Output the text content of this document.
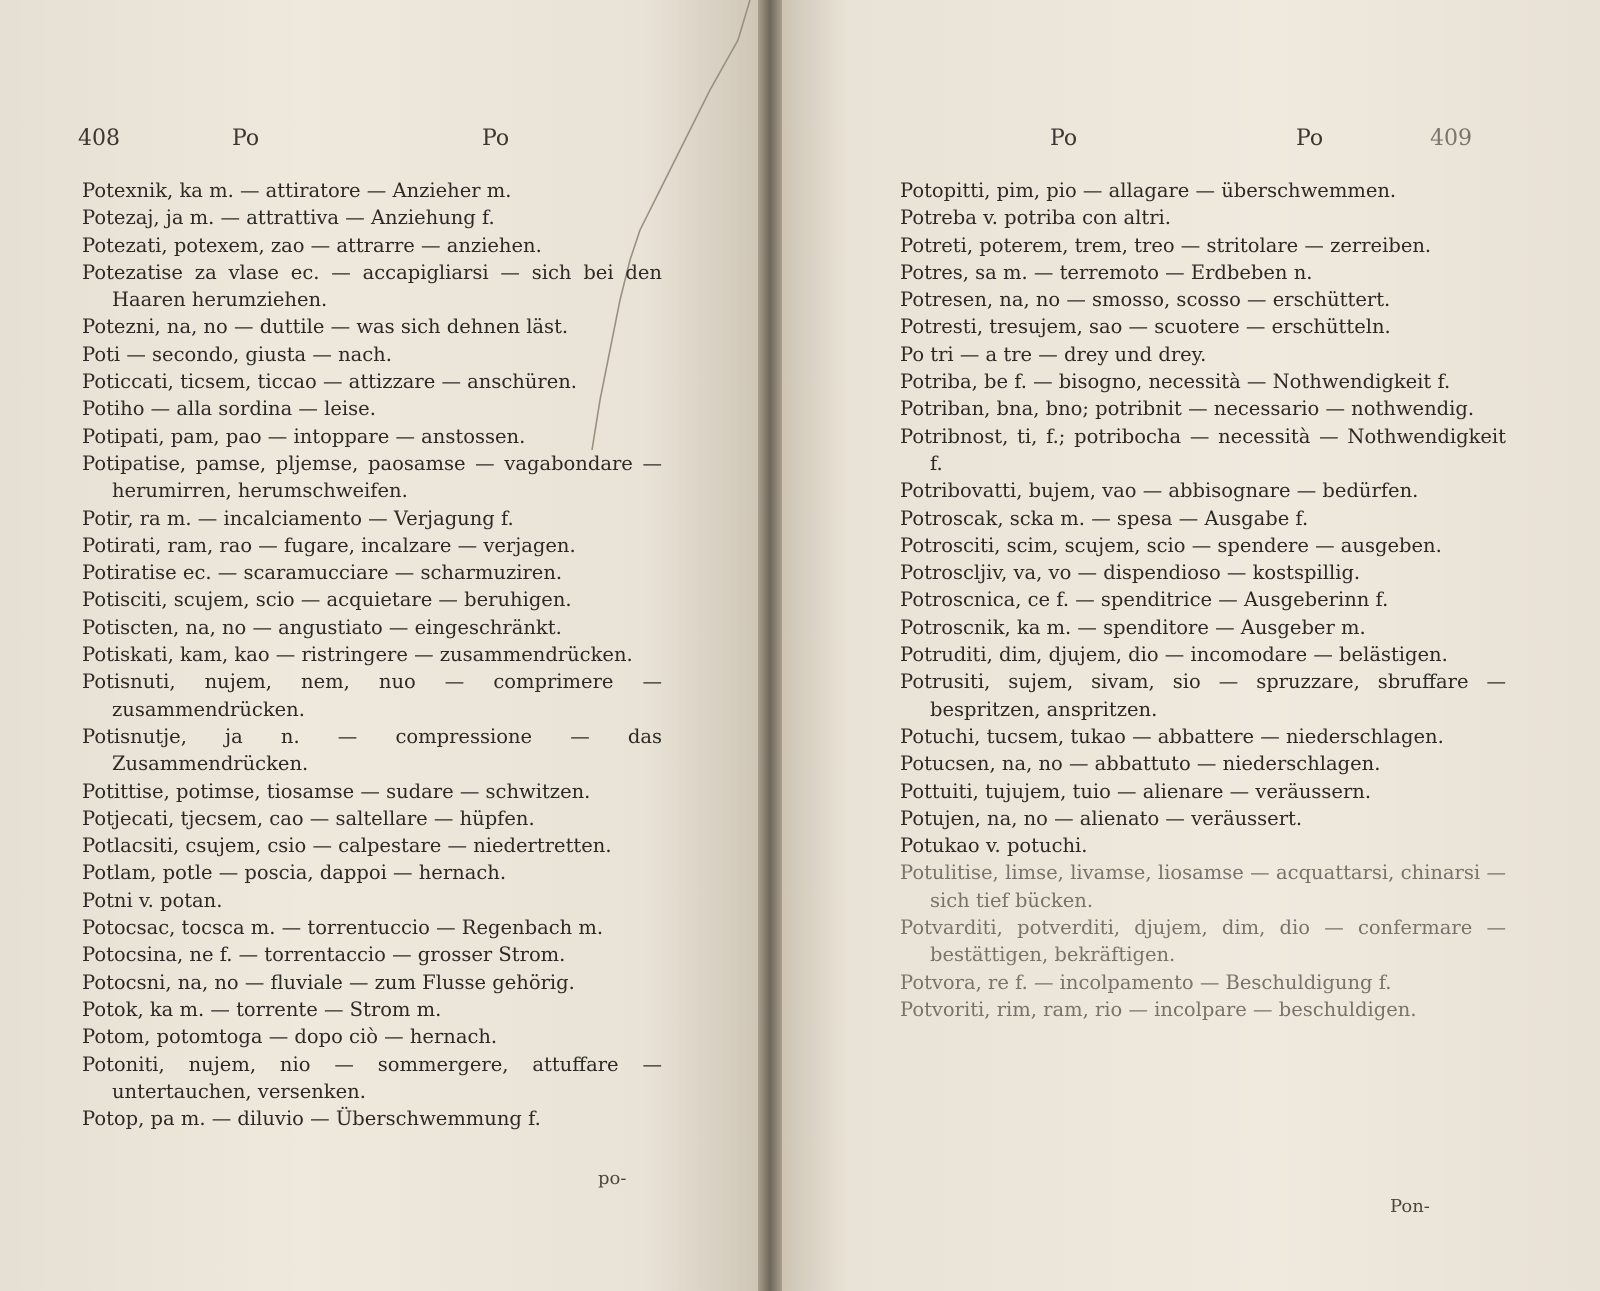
408	Po	Po

Potexnik, ka m. — attiratore — Anzieher m.

Potezaj, ja m. — attrattiva — Anziehung f.

Potezati, potexem, zao — attrarre — anziehen.

Potezatise za vlase ec. — accapigliarsi — sich bei den Haaren herumziehen.

Potezni, na, no — duttile — was sich dehnen läst.

Poti — secondo, giusta — nach.

Poticcati, ticsem, ticcao — attizzare — anschüren.

Potiho — alla sordina — leise.

Potipati, pam, pao — intoppare — anstossen.

Potipatise, pamse, pljemse, paosamse — vagabondare — herumirren, herumschweifen.

Potir, ra m. — incalciamento — Verjagung f.

Potirati, ram, rao — fugare, incalzare — verjagen.

Potiratise ec. — scaramucciare — scharmuziren.

Potisciti, scujem, scio — acquietare — beruhigen.

Potiscten, na, no — angustiato — eingeschränkt.

Potiskati, kam, kao — ristringere — zusammendrücken.

Potisnuti, nujem, nem, nuo — comprimere — zusammendrücken.

Potisnutje, ja n. — compressione — das Zusammendrücken.

Potittise, potimse, tiosamse — sudare — schwitzen.

Potjecati, tjecsem, cao — saltellare — hüpfen.

Potlacsiti, csujem, csio — calpestare — niedertretten.

Potlam, potle — poscia, dappoi — hernach.

Potni v. potan.

Potocsac, tocsca m. — torrentuccio — Regenbach m.

Potocsina, ne f. — torrentaccio — grosser Strom.

Potocsni, na, no — fluviale — zum Flusse gehörig.

Potok, ka m. — torrente — Strom m.

Potom, potomtoga — dopo ciò — hernach.

Potoniti, nujem, nio — sommergere, attuffare — untertauchen, versenken.

Potop, pa m. — diluvio — Überschwemmung f.

po-
Po	Po	409

Potopitti, pim, pio — allagare — überschwemmen.

Potreba v. potriba con altri.

Potreti, poterem, trem, treo — stritolare — zerreiben.

Potres, sa m. — terremoto — Erdbeben n.

Potresen, na, no — smosso, scosso — erschüttert.

Potresti, tresujem, sao — scuotere — erschütteln.

Po tri — a tre — drey und drey.

Potriba, be f. — bisogno, necessità — Nothwendigkeit f.

Potriban, bna, bno; potribnit — necessario — nothwendig.

Potribnost, ti, f.; potribocha — necessità — Nothwendigkeit f.

Potribovatti, bujem, vao — abbisognare — bedürfen.

Potroscak, scka m. — spesa — Ausgabe f.

Potrosciti, scim, scujem, scio — spendere — ausgeben.

Potroscljiv, va, vo — dispendioso — kostspillig.

Potroscnica, ce f. — spenditrice — Ausgeberinn f.

Potroscnik, ka m. — spenditore — Ausgeber m.

Potruditi, dim, djujem, dio — incomodare — belästigen.

Potrusiti, sujem, sivam, sio — spruzzare, sbruffare — bespritzen, anspritzen.

Potuchi, tucsem, tukao — abbattere — niederschlagen.

Potucsen, na, no — abbattuto — niederschlagen.

Pottuiti, tujujem, tuio — alienare — veräussern.

Potujen, na, no — alienato — veräussert.

Potukao v. potuchi.

Potulitise, limse, livamse, liosamse — acquattarsi, chinarsi — sich tief bücken.

Potvarditi, potverditi, djujem, dim, dio — confermare — bestättigen, bekräftigen.

Potvora, re f. — incolpamento — Beschuldigung f.

Potvoriti, rim, ram, rio — incolpare — beschuldigen.

Pon-
